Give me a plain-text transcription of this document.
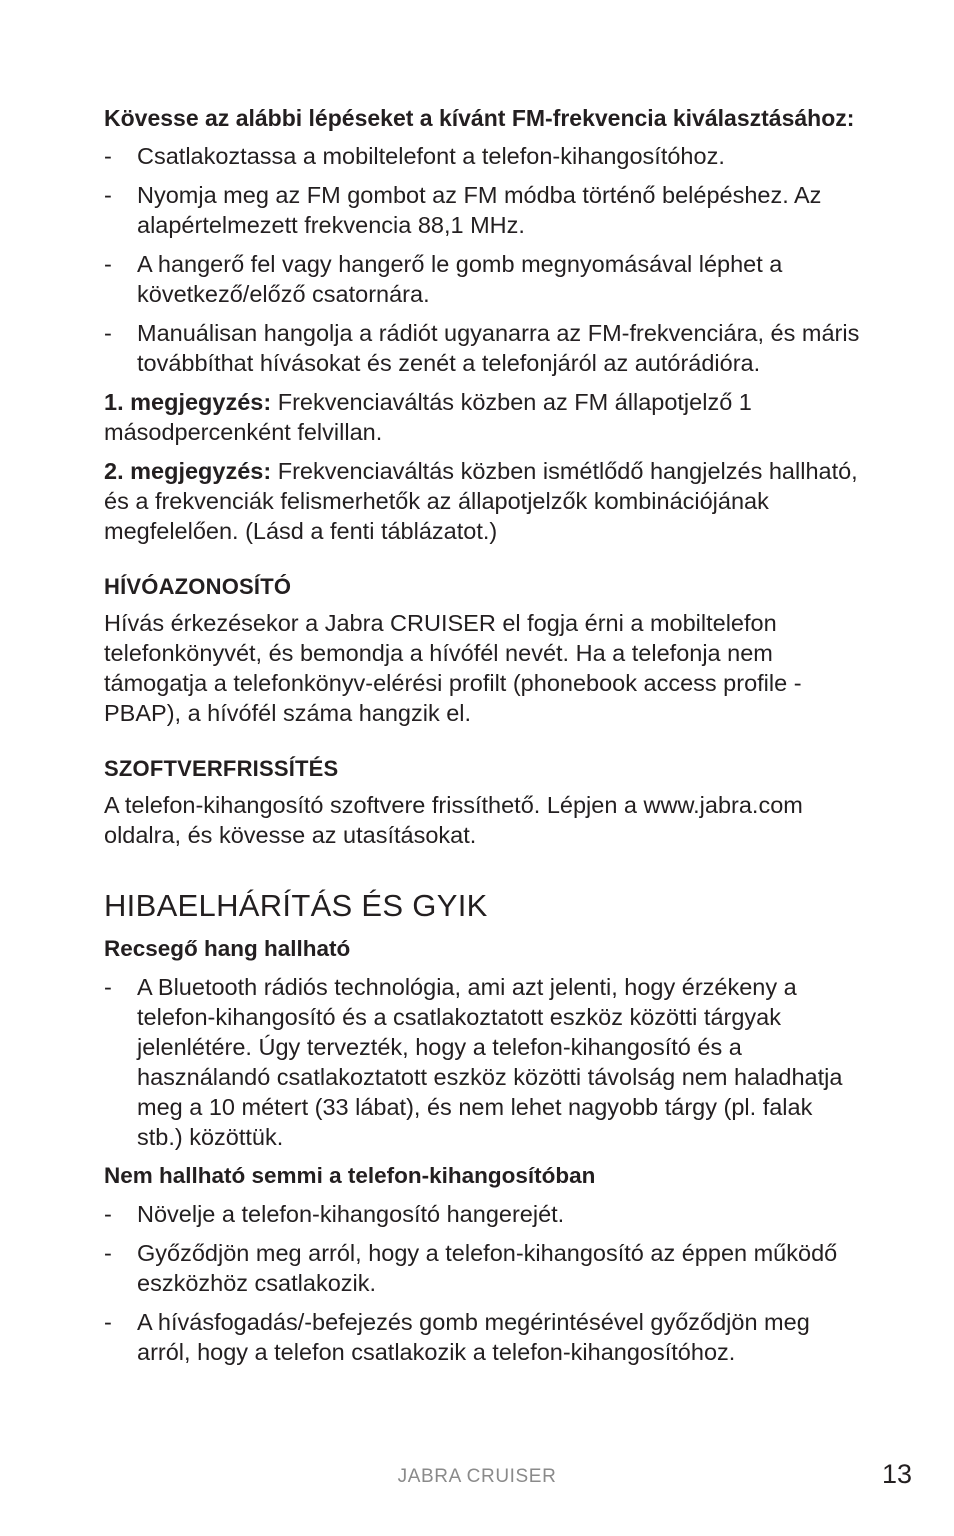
Kövesse az alábbi lépéseket a kívánt FM-frekvencia kiválasztásához:

- Csatlakoztassa a mobiltelefont a telefon-kihangosítóhoz.
- Nyomja meg az FM gombot az FM módba történő belépéshez. Az alapértelmezett frekvencia 88,1 MHz.
- A hangerő fel vagy hangerő le gomb megnyomásával léphet a következő/előző csatornára.
- Manuálisan hangolja a rádiót ugyanarra az FM-frekvenciára, és máris továbbíthat hívásokat és zenét a telefonjáról az autórádióra.

1. megjegyzés: Frekvenciaváltás közben az FM állapotjelző 1 másodpercenként felvillan.

2. megjegyzés: Frekvenciaváltás közben ismétlődő hangjelzés hallható, és a frekvenciák felismerhetők az állapotjelzők kombinációjának megfelelően. (Lásd a fenti táblázatot.)

HÍVÓAZONOSÍTÓ

Hívás érkezésekor a Jabra CRUISER el fogja érni a mobiltelefon telefonkönyvét, és bemondja a hívófél nevét. Ha a telefonja nem támogatja a telefonkönyv-elérési profilt (phonebook access profile - PBAP), a hívófél száma hangzik el.

SZOFTVERFRISSÍTÉS

A telefon-kihangosító szoftvere frissíthető. Lépjen a www.jabra.com oldalra, és kövesse az utasításokat.

HIBAELHÁRÍTÁS ÉS GYIK
Recsegő hang hallható
- A Bluetooth rádiós technológia, ami azt jelenti, hogy érzékeny a telefon-kihangosító és a csatlakoztatott eszköz közötti tárgyak jelenlétére. Úgy tervezték, hogy a telefon-kihangosító és a használandó csatlakoztatott eszköz közötti távolság nem haladhatja meg a 10 métert (33 lábat), és nem lehet nagyobb tárgy (pl. falak stb.) közöttük.
Nem hallható semmi a telefon-kihangosítóban
- Növelje a telefon-kihangosító hangerejét.
- Győződjön meg arról, hogy a telefon-kihangosító az éppen működő eszközhöz csatlakozik.
- A hívásfogadás/-befejezés gomb megérintésével győződjön meg arról, hogy a telefon csatlakozik a telefon-kihangosítóhoz.
JABRA CRUISER	13
